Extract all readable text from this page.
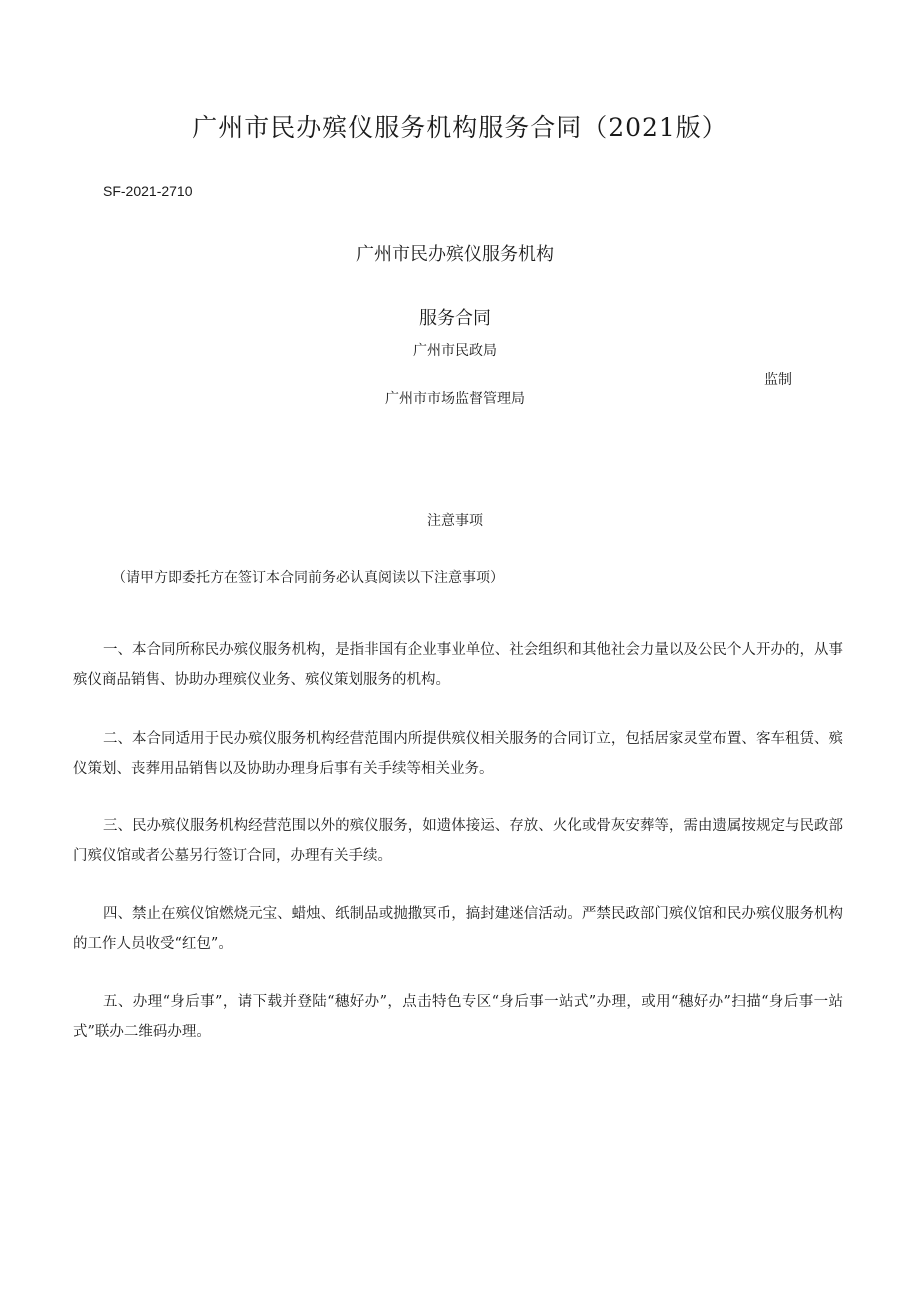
广州市民办殡仪服务机构服务合同（2021版）
SF-2021-2710
广州市民办殡仪服务机构
服务合同
广州市民政局
监制
广州市市场监督管理局
注意事项
（请甲方即委托方在签订本合同前务必认真阅读以下注意事项）

一、本合同所称民办殡仪服务机构，是指非国有企业事业单位、社会组织和其他社会力量以及公民个人开办的，从事殡仪商品销售、协助办理殡仪业务、殡仪策划服务的机构。

二、本合同适用于民办殡仪服务机构经营范围内所提供殡仪相关服务的合同订立，包括居家灵堂布置、客车租赁、殡仪策划、丧葬用品销售以及协助办理身后事有关手续等相关业务。

三、民办殡仪服务机构经营范围以外的殡仪服务，如遗体接运、存放、火化或骨灰安葬等，需由遗属按规定与民政部门殡仪馆或者公墓另行签订合同，办理有关手续。

四、禁止在殡仪馆燃烧元宝、蜡烛、纸制品或抛撒冥币，搞封建迷信活动。严禁民政部门殡仪馆和民办殡仪服务机构的工作人员收受“红包”。

五、办理“身后事”，请下载并登陆“穗好办”，点击特色专区“身后事一站式”办理，或用“穗好办”扫描“身后事一站式”联办二维码办理。
